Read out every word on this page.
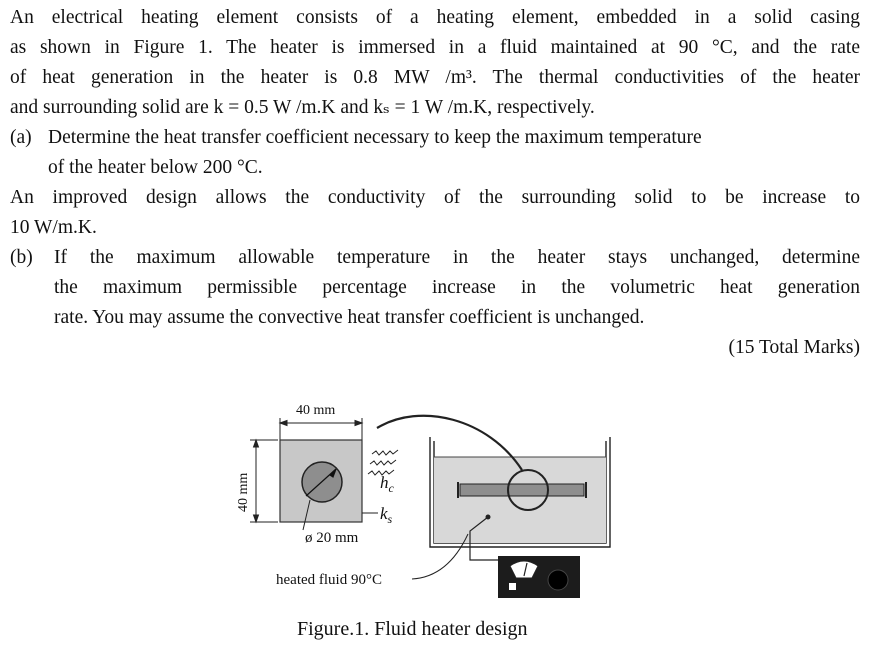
An electrical heating element consists of a heating element, embedded in a solid casing
as shown in Figure 1. The heater is immersed in a fluid maintained at 90 °C, and the rate
of heat generation in the heater is 0.8 MW /m³. The thermal conductivities of the heater
and surrounding solid are k = 0.5 W /m.K and kₛ = 1 W /m.K, respectively.
(a) Determine the heat transfer coefficient necessary to keep the maximum temperature
of the heater below 200 °C.
An improved design allows the conductivity of the surrounding solid to be increase to
10 W/m.K.
(b) If the maximum allowable temperature in the heater stays unchanged, determine
the maximum permissible percentage increase in the volumetric heat generation
rate. You may assume the convective heat transfer coefficient is unchanged.
(15 Total Marks)
40 mm
40 mm
ø 20 mm
$h_c$
$k_s$
heated fluid 90°C
Figure.1. Fluid heater design
